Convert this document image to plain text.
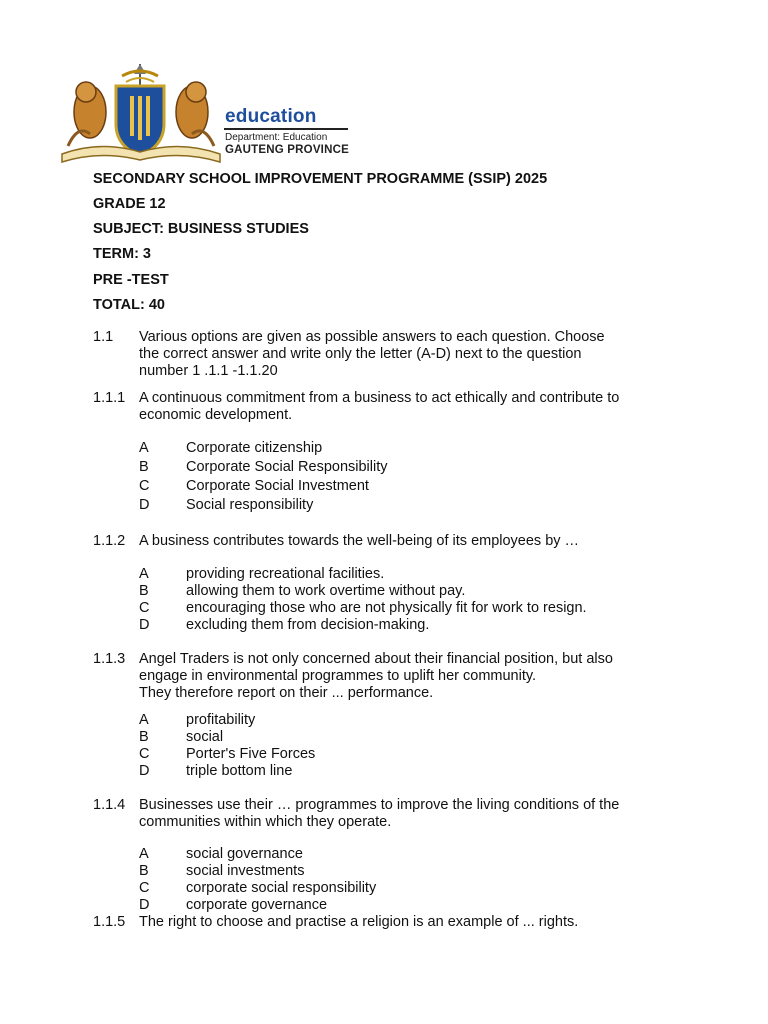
education
Department: Education
GAUTENG PROVINCE
SECONDARY SCHOOL IMPROVEMENT PROGRAMME (SSIP) 2025
GRADE 12
SUBJECT: BUSINESS STUDIES
TERM: 3
PRE -TEST
TOTAL: 40
1.1 Various options are given as possible answers to each question. Choose
the correct answer and write only the letter (A-D) next to the question
number 1 .1.1 -1.1.20
1.1.1 A continuous commitment from a business to act ethically and contribute to
economic development.
A	Corporate citizenship
B	Corporate Social Responsibility
C	Corporate Social Investment
D	Social responsibility
1.1.2 A business contributes towards the well-being of its employees by …
A	providing recreational facilities.
B	allowing them to work overtime without pay.
C	encouraging those who are not physically fit for work to resign.
D	excluding them from decision-making.
1.1.3 Angel Traders is not only concerned about their financial position, but also
engage in environmental programmes to uplift her community.
They therefore report on their ... performance.
A	profitability
B	social
C	Porter's Five Forces
D	triple bottom line
1.1.4 Businesses use their … programmes to improve the living conditions of the
communities within which they operate.
A	social governance
B	social investments
C	corporate social responsibility
D	corporate governance
1.1.5 The right to choose and practise a religion is an example of ... rights.
